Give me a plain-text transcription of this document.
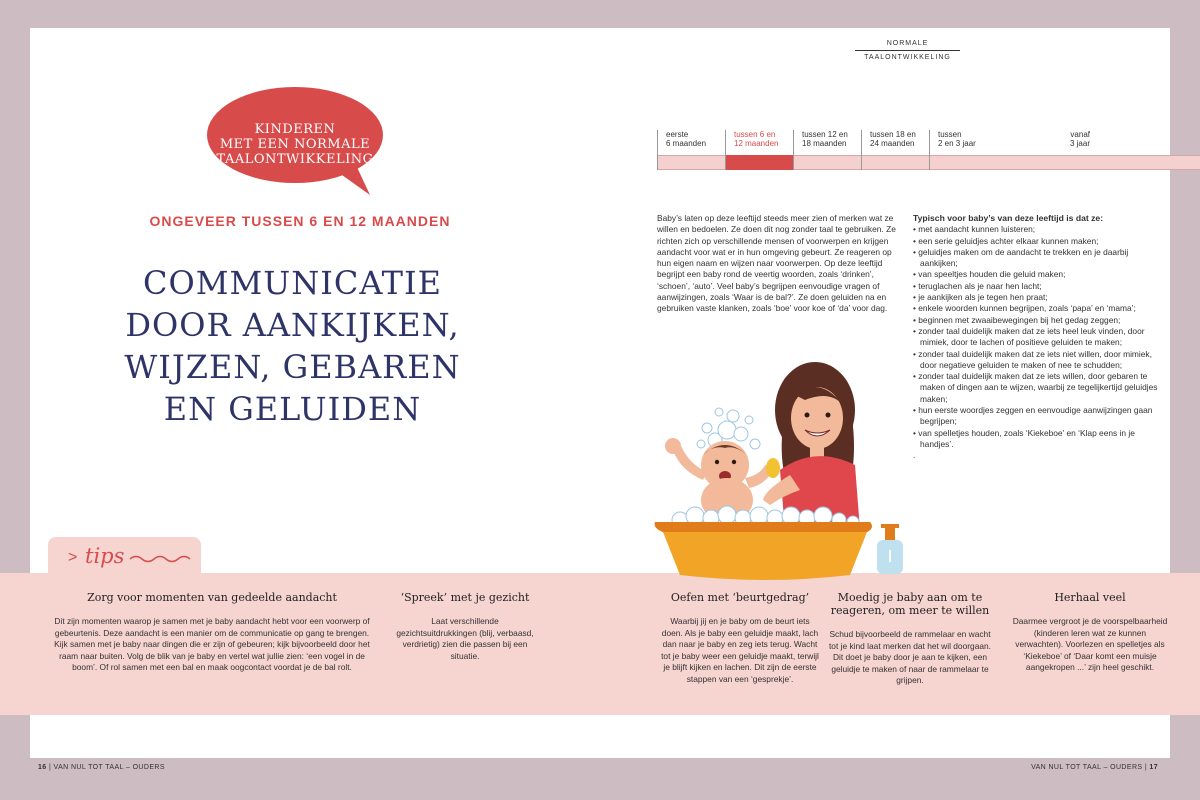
NORMALE
TAALONTWIKKELING
KINDEREN
MET EEN NORMALE
TAALONTWIKKELING
ONGEVEER TUSSEN 6 EN 12 MAANDEN
COMMUNICATIE
DOOR AANKIJKEN,
WIJZEN, GEBAREN
EN GELUIDEN
eerste
6 maanden
tussen 6 en
12 maanden
tussen 12 en
18 maanden
tussen 18 en
24 maanden
tussen
2 en 3 jaar
vanaf
3 jaar
Baby’s laten op deze leeftijd steeds meer zien of merken wat ze willen en bedoelen. Ze doen dit nog zonder taal te gebruiken. Ze richten zich op verschillende mensen of voorwerpen en krijgen aandacht voor wat er in hun omgeving gebeurt. Ze reageren op hun eigen naam en wijzen naar voorwerpen. Op deze leeftijd begrijpt een baby rond de veertig woorden, zoals ‘drinken’, ‘schoen’, ‘auto’. Veel baby’s begrijpen eenvoudige vragen of aanwijzingen, zoals ‘Waar is de bal?’. Ze doen geluiden na en gebruiken vaste klanken, zoals ‘boe’ voor koe of ‘da’ voor dag.
Typisch voor baby’s van deze leeftijd is dat ze:
• met aandacht kunnen luisteren;
• een serie geluidjes achter elkaar kunnen maken;
• geluidjes maken om de aandacht te trekken en je daarbij aankijken;
• van speeltjes houden die geluid maken;
• teruglachen als je naar hen lacht;
• je aankijken als je tegen hen praat;
• enkele woorden kunnen begrijpen, zoals ‘papa’ en ‘mama’;
• beginnen met zwaaibewegingen bij het gedag zeggen;
• zonder taal duidelijk maken dat ze iets heel leuk vinden, door mimiek, door te lachen of positieve geluiden te maken;
• zonder taal duidelijk maken dat ze iets niet willen, door mimiek, door negatieve geluiden te maken of nee te schudden;
• zonder taal duidelijk maken dat ze iets willen, door gebaren te maken of dingen aan te wijzen, waarbij ze tegelijkertijd geluidjes maken;
• hun eerste woordjes zeggen en eenvoudige aanwijzingen gaan begrijpen;
• van spelletjes houden, zoals ‘Kiekeboe’ en ‘Klap eens in je handjes’.
.
> tips
Zorg voor momenten van gedeelde aandacht
Dit zijn momenten waarop je samen met je baby aandacht hebt voor een voorwerp of gebeurtenis. Deze aandacht is een manier om de communicatie op gang te brengen. Kijk samen met je baby naar dingen die er zijn of gebeuren; kijk bijvoorbeeld door het raam naar buiten. Volg de blik van je baby en vertel wat jullie zien: ‘een vogel in de boom’. Of rol samen met een bal en maak oogcontact voordat je de bal rolt.
‘Spreek’ met je gezicht
Laat verschillende gezichtsuitdrukkingen (blij, verbaasd, verdrietig) zien die passen bij een situatie.
Oefen met ‘beurtgedrag’
Waarbij jij en je baby om de beurt iets doen. Als je baby een geluidje maakt, lach dan naar je baby en zeg iets terug. Wacht tot je baby weer een geluidje maakt, terwijl je blijft kijken en lachen. Dit zijn de eerste stappen van een ‘gesprekje’.
Moedig je baby aan om te reageren, om meer te willen
Schud bijvoorbeeld de rammelaar en wacht tot je kind laat merken dat het wil doorgaan. Dit doet je baby door je aan te kijken, een geluidje te maken of naar de rammelaar te grijpen.
Herhaal veel
Daarmee vergroot je de voorspelbaarheid (kinderen leren wat ze kunnen verwachten). Voorlezen en spelletjes als ‘Kiekeboe’ of ‘Daar komt een muisje aangekropen ...’ zijn heel geschikt.
16 | VAN NUL TOT TAAL – OUDERS	VAN NUL TOT TAAL – OUDERS | 17
